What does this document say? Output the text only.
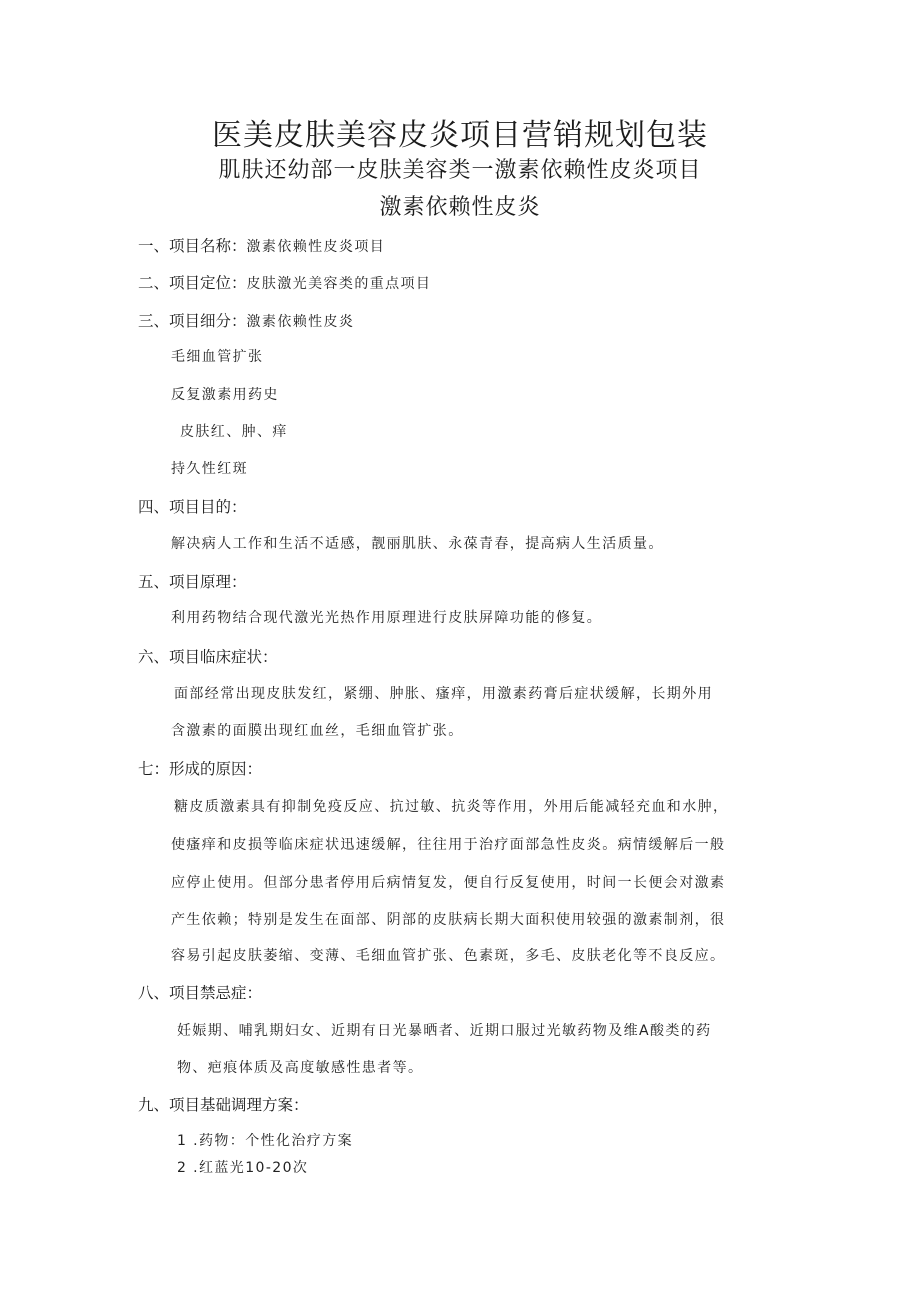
医美皮肤美容皮炎项目营销规划包装
肌肤还幼部一皮肤美容类一激素依赖性皮炎项目
激素依赖性皮炎

一、项目名称：激素依赖性皮炎项目

二、项目定位：皮肤激光美容类的重点项目

三、项目细分：激素依赖性皮炎

毛细血管扩张

反复激素用药史

皮肤红、肿、痒

持久性红斑

四、项目目的：

解决病人工作和生活不适感，靓丽肌肤、永葆青春，提高病人生活质量。

五、项目原理：

利用药物结合现代激光光热作用原理进行皮肤屏障功能的修复。

六、项目临床症状：

面部经常出现皮肤发红，紧绷、肿胀、瘙痒，用激素药膏后症状缓解，长期外用

含激素的面膜出现红血丝，毛细血管扩张。

七：形成的原因：

糖皮质激素具有抑制免疫反应、抗过敏、抗炎等作用，外用后能减轻充血和水肿，

使瘙痒和皮损等临床症状迅速缓解，往往用于治疗面部急性皮炎。病情缓解后一般

应停止使用。但部分患者停用后病情复发，便自行反复使用，时间一长便会对激素

产生依赖；特别是发生在面部、阴部的皮肤病长期大面积使用较强的激素制剂，很

容易引起皮肤萎缩、变薄、毛细血管扩张、色素斑，多毛、皮肤老化等不良反应。

八、项目禁忌症：

妊娠期、哺乳期妇女、近期有日光暴晒者、近期口服过光敏药物及维A酸类的药

物、疤痕体质及高度敏感性患者等。

九、项目基础调理方案：

1 .药物：个性化治疗方案

2 .红蓝光10-20次
